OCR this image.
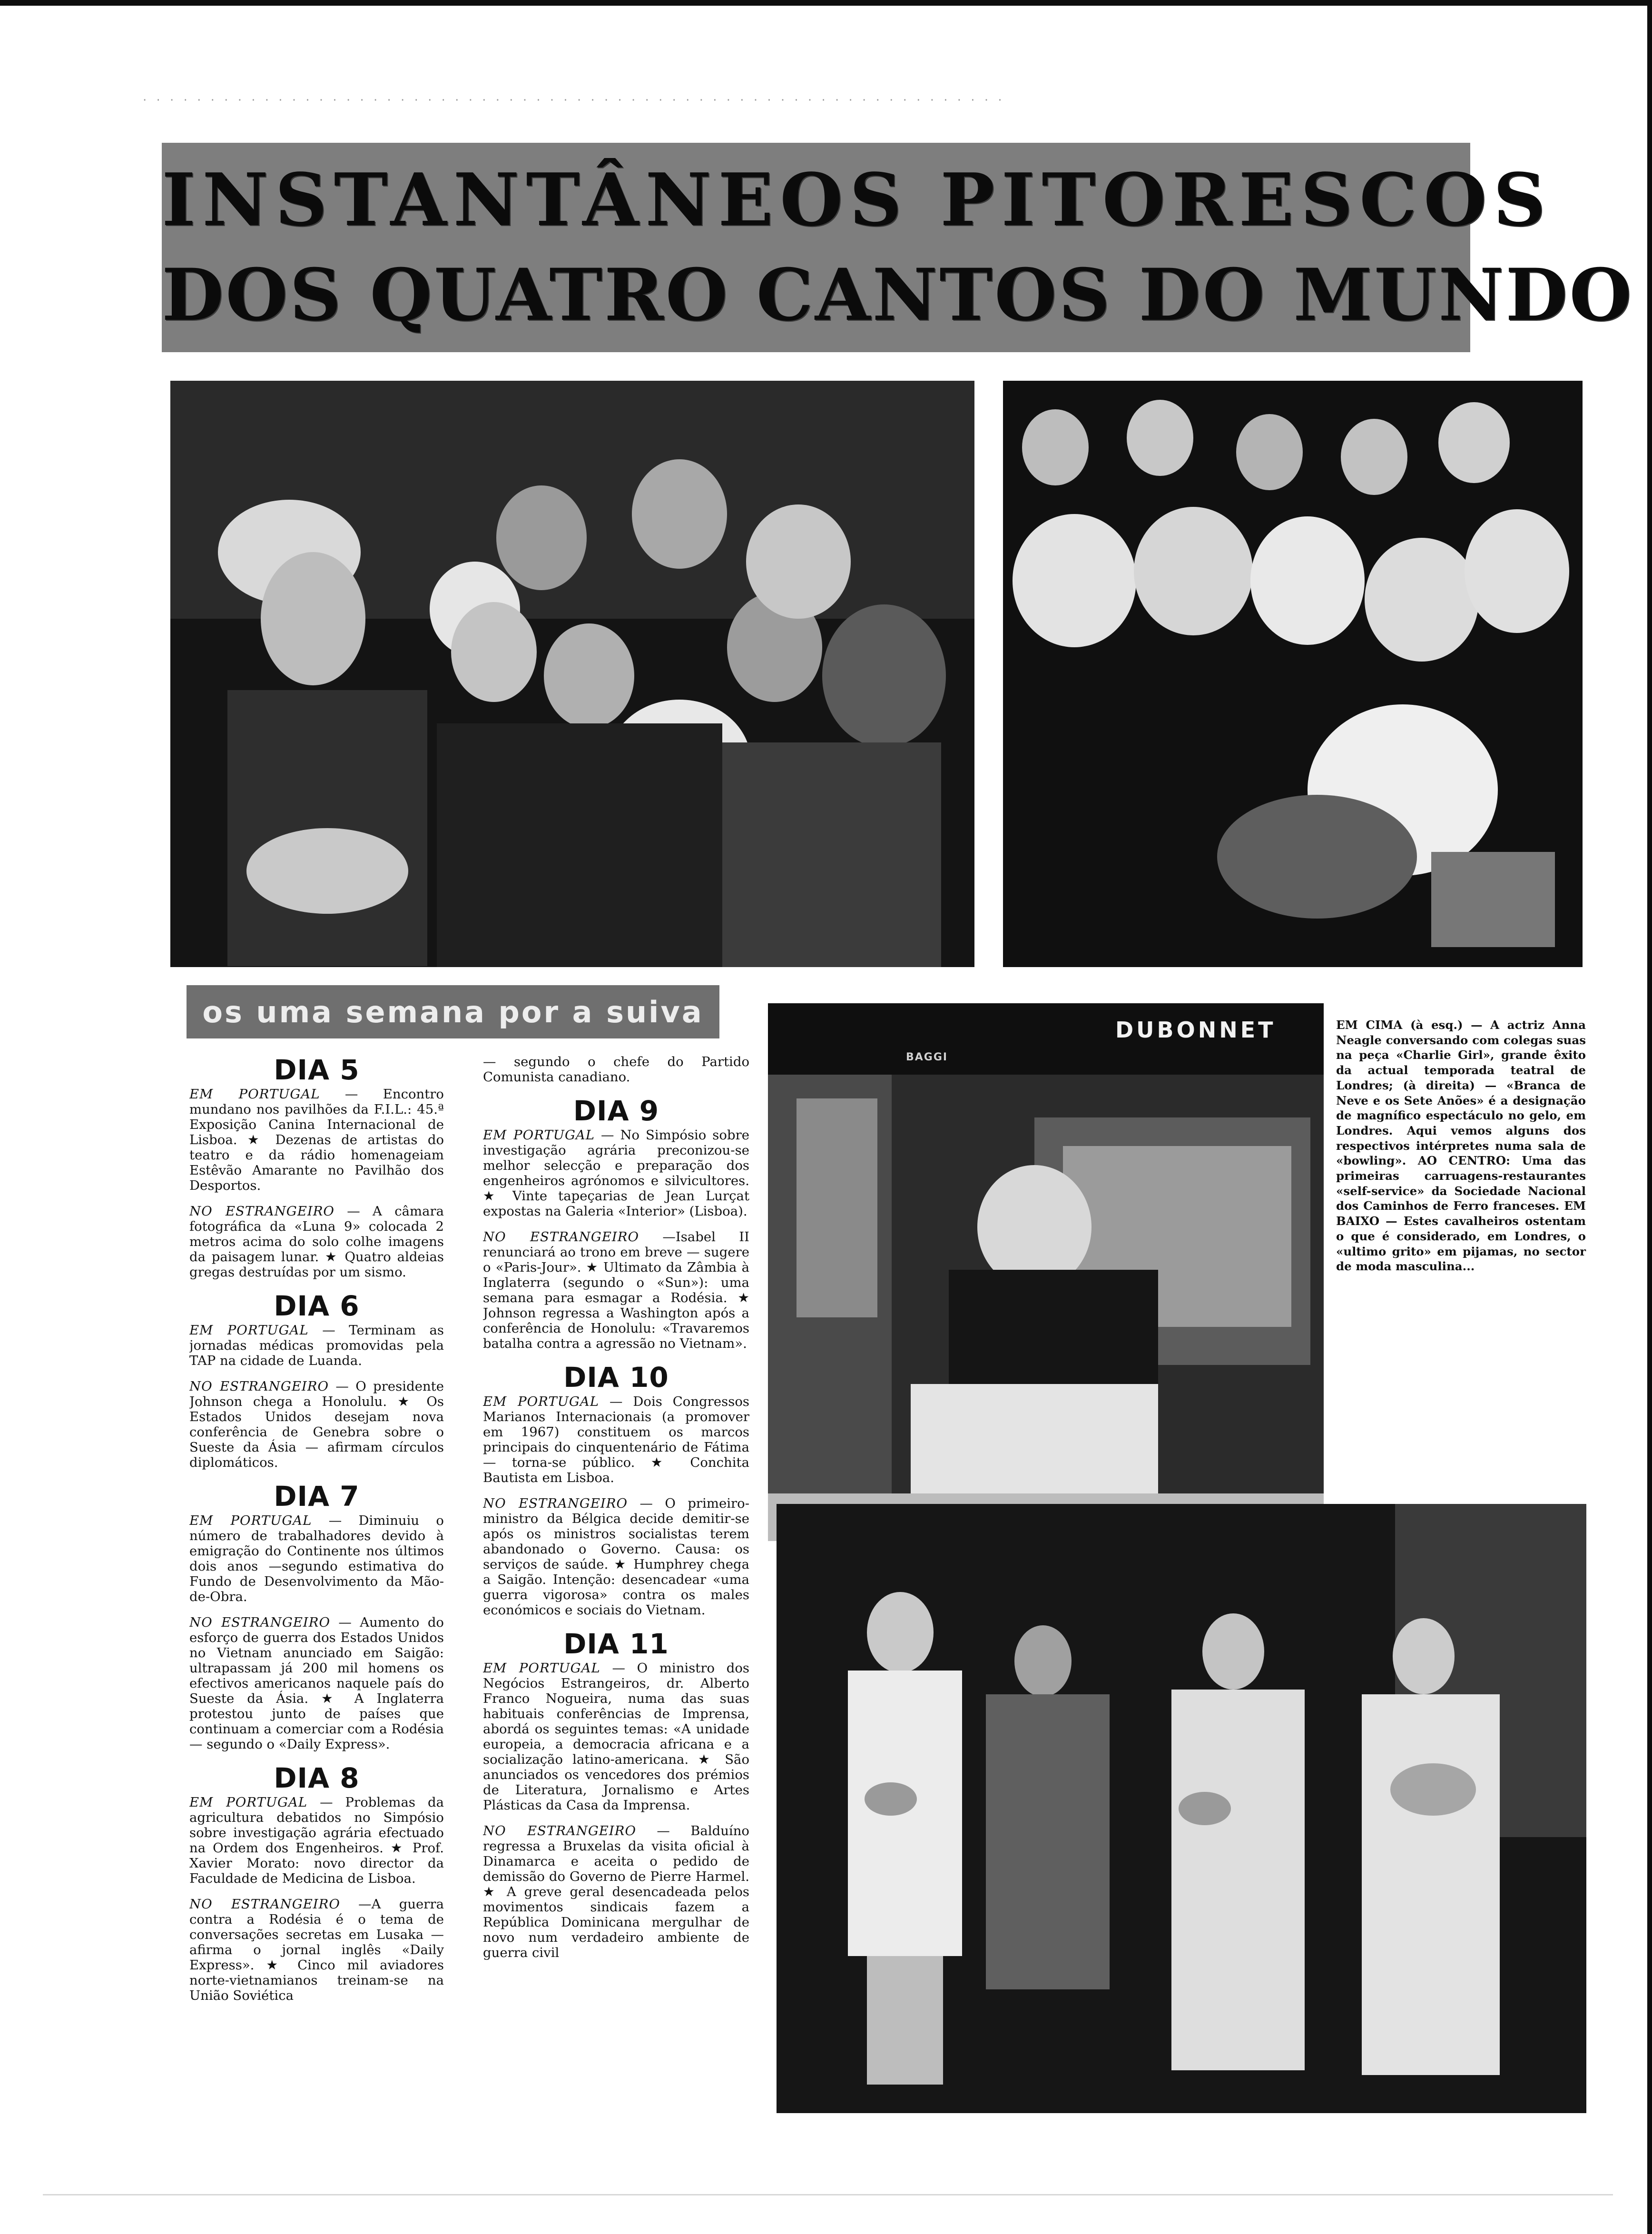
· · · · · · · · · · · · · · · · · · · · · · · · · · · · · · · · · · · · · · · · · · · · · · · · · · · · · · · · · · · · · · · ·
INSTANTÂNEOS PITORESCOS
DOS QUATRO CANTOS DO MUNDO
os uma semana por a suiva
DIA 5

EM PORTUGAL — Encontro mundano nos pavilhões da F.I.L.: 45.ª Exposição Canina Internacional de Lisboa. ★ Dezenas de artistas do teatro e da rádio homenageiam Estêvão Amarante no Pavilhão dos Desportos.

NO ESTRANGEIRO — A câmara fotográfica da «Luna 9» colocada 2 metros acima do solo colhe imagens da paisagem lunar. ★ Quatro aldeias gregas destruídas por um sismo.

DIA 6

EM PORTUGAL — Terminam as jornadas médicas promovidas pela TAP na cidade de Luanda.

NO ESTRANGEIRO — O presidente Johnson chega a Honolulu. ★ Os Estados Unidos desejam nova conferência de Genebra sobre o Sueste da Ásia — afirmam círculos diplomáticos.

DIA 7

EM PORTUGAL — Diminuiu o número de trabalhadores devido à emigração do Continente nos últimos dois anos —segundo estimativa do Fundo de Desenvolvimento da Mão-de-Obra.

NO ESTRANGEIRO — Aumento do esforço de guerra dos Estados Unidos no Vietnam anunciado em Saigão: ultrapassam já 200 mil homens os efectivos americanos naquele país do Sueste da Ásia. ★ A Inglaterra protestou junto de países que continuam a comerciar com a Rodésia — segundo o «Daily Express».

DIA 8

EM PORTUGAL — Problemas da agricultura debatidos no Simpósio sobre investigação agrária efectuado na Ordem dos Engenheiros. ★ Prof. Xavier Morato: novo director da Faculdade de Medicina de Lisboa.

NO ESTRANGEIRO —A guerra contra a Rodésia é o tema de conversações secretas em Lusaka — afirma o jornal inglês «Daily Express». ★ Cinco mil aviadores norte-vietnamianos treinam-se na União Soviética

— segundo o chefe do Partido Comunista canadiano.

DIA 9

EM PORTUGAL — No Simpósio sobre investigação agrária preconizou-se melhor selecção e preparação dos engenheiros agrónomos e silvicultores. ★ Vinte tapeçarias de Jean Lurçat expostas na Galeria «Interior» (Lisboa).

NO ESTRANGEIRO —Isabel II renunciará ao trono em breve — sugere o «Paris-Jour». ★ Ultimato da Zâmbia à Inglaterra (segundo o «Sun»): uma semana para esmagar a Rodésia. ★ Johnson regressa a Washington após a conferência de Honolulu: «Travaremos batalha contra a agressão no Vietnam».

DIA 10

EM PORTUGAL — Dois Congressos Marianos Internacionais (a promover em 1967) constituem os marcos principais do cinquentenário de Fátima — torna-se público. ★ Conchita Bautista em Lisboa.

NO ESTRANGEIRO — O primeiro-ministro da Bélgica decide demitir-se após os ministros socialistas terem abandonado o Governo. Causa: os serviços de saúde. ★ Humphrey chega a Saigão. Intenção: desencadear «uma guerra vigorosa» contra os males económicos e sociais do Vietnam.

DIA 11

EM PORTUGAL — O ministro dos Negócios Estrangeiros, dr. Alberto Franco Nogueira, numa das suas habituais conferências de Imprensa, abordá os seguintes temas: «A unidade europeia, a democracia africana e a socialização latino-americana. ★ São anunciados os vencedores dos prémios de Literatura, Jornalismo e Artes Plásticas da Casa da Imprensa.

NO ESTRANGEIRO — Balduíno regressa a Bruxelas da visita oficial à Dinamarca e aceita o pedido de demissão do Governo de Pierre Harmel. ★ A greve geral desencadeada pelos movimentos sindicais fazem a República Dominicana mergulhar de novo num verdadeiro ambiente de guerra civil

DUBONNET
BAGGI
EM CIMA (à esq.) — A actriz Anna Neagle conversando com colegas suas na peça «Charlie Girl», grande êxito da actual temporada teatral de Londres; (à direita) — «Branca de Neve e os Sete Anões» é a designação de magnífico espectáculo no gelo, em Londres. Aqui vemos alguns dos respectivos intérpretes numa sala de «bowling». AO CENTRO: Uma das primeiras carruagens-restaurantes «self-service» da Sociedade Nacional dos Caminhos de Ferro franceses. EM BAIXO — Estes cavalheiros ostentam o que é considerado, em Londres, o «ultimo grito» em pijamas, no sector de moda masculina...
